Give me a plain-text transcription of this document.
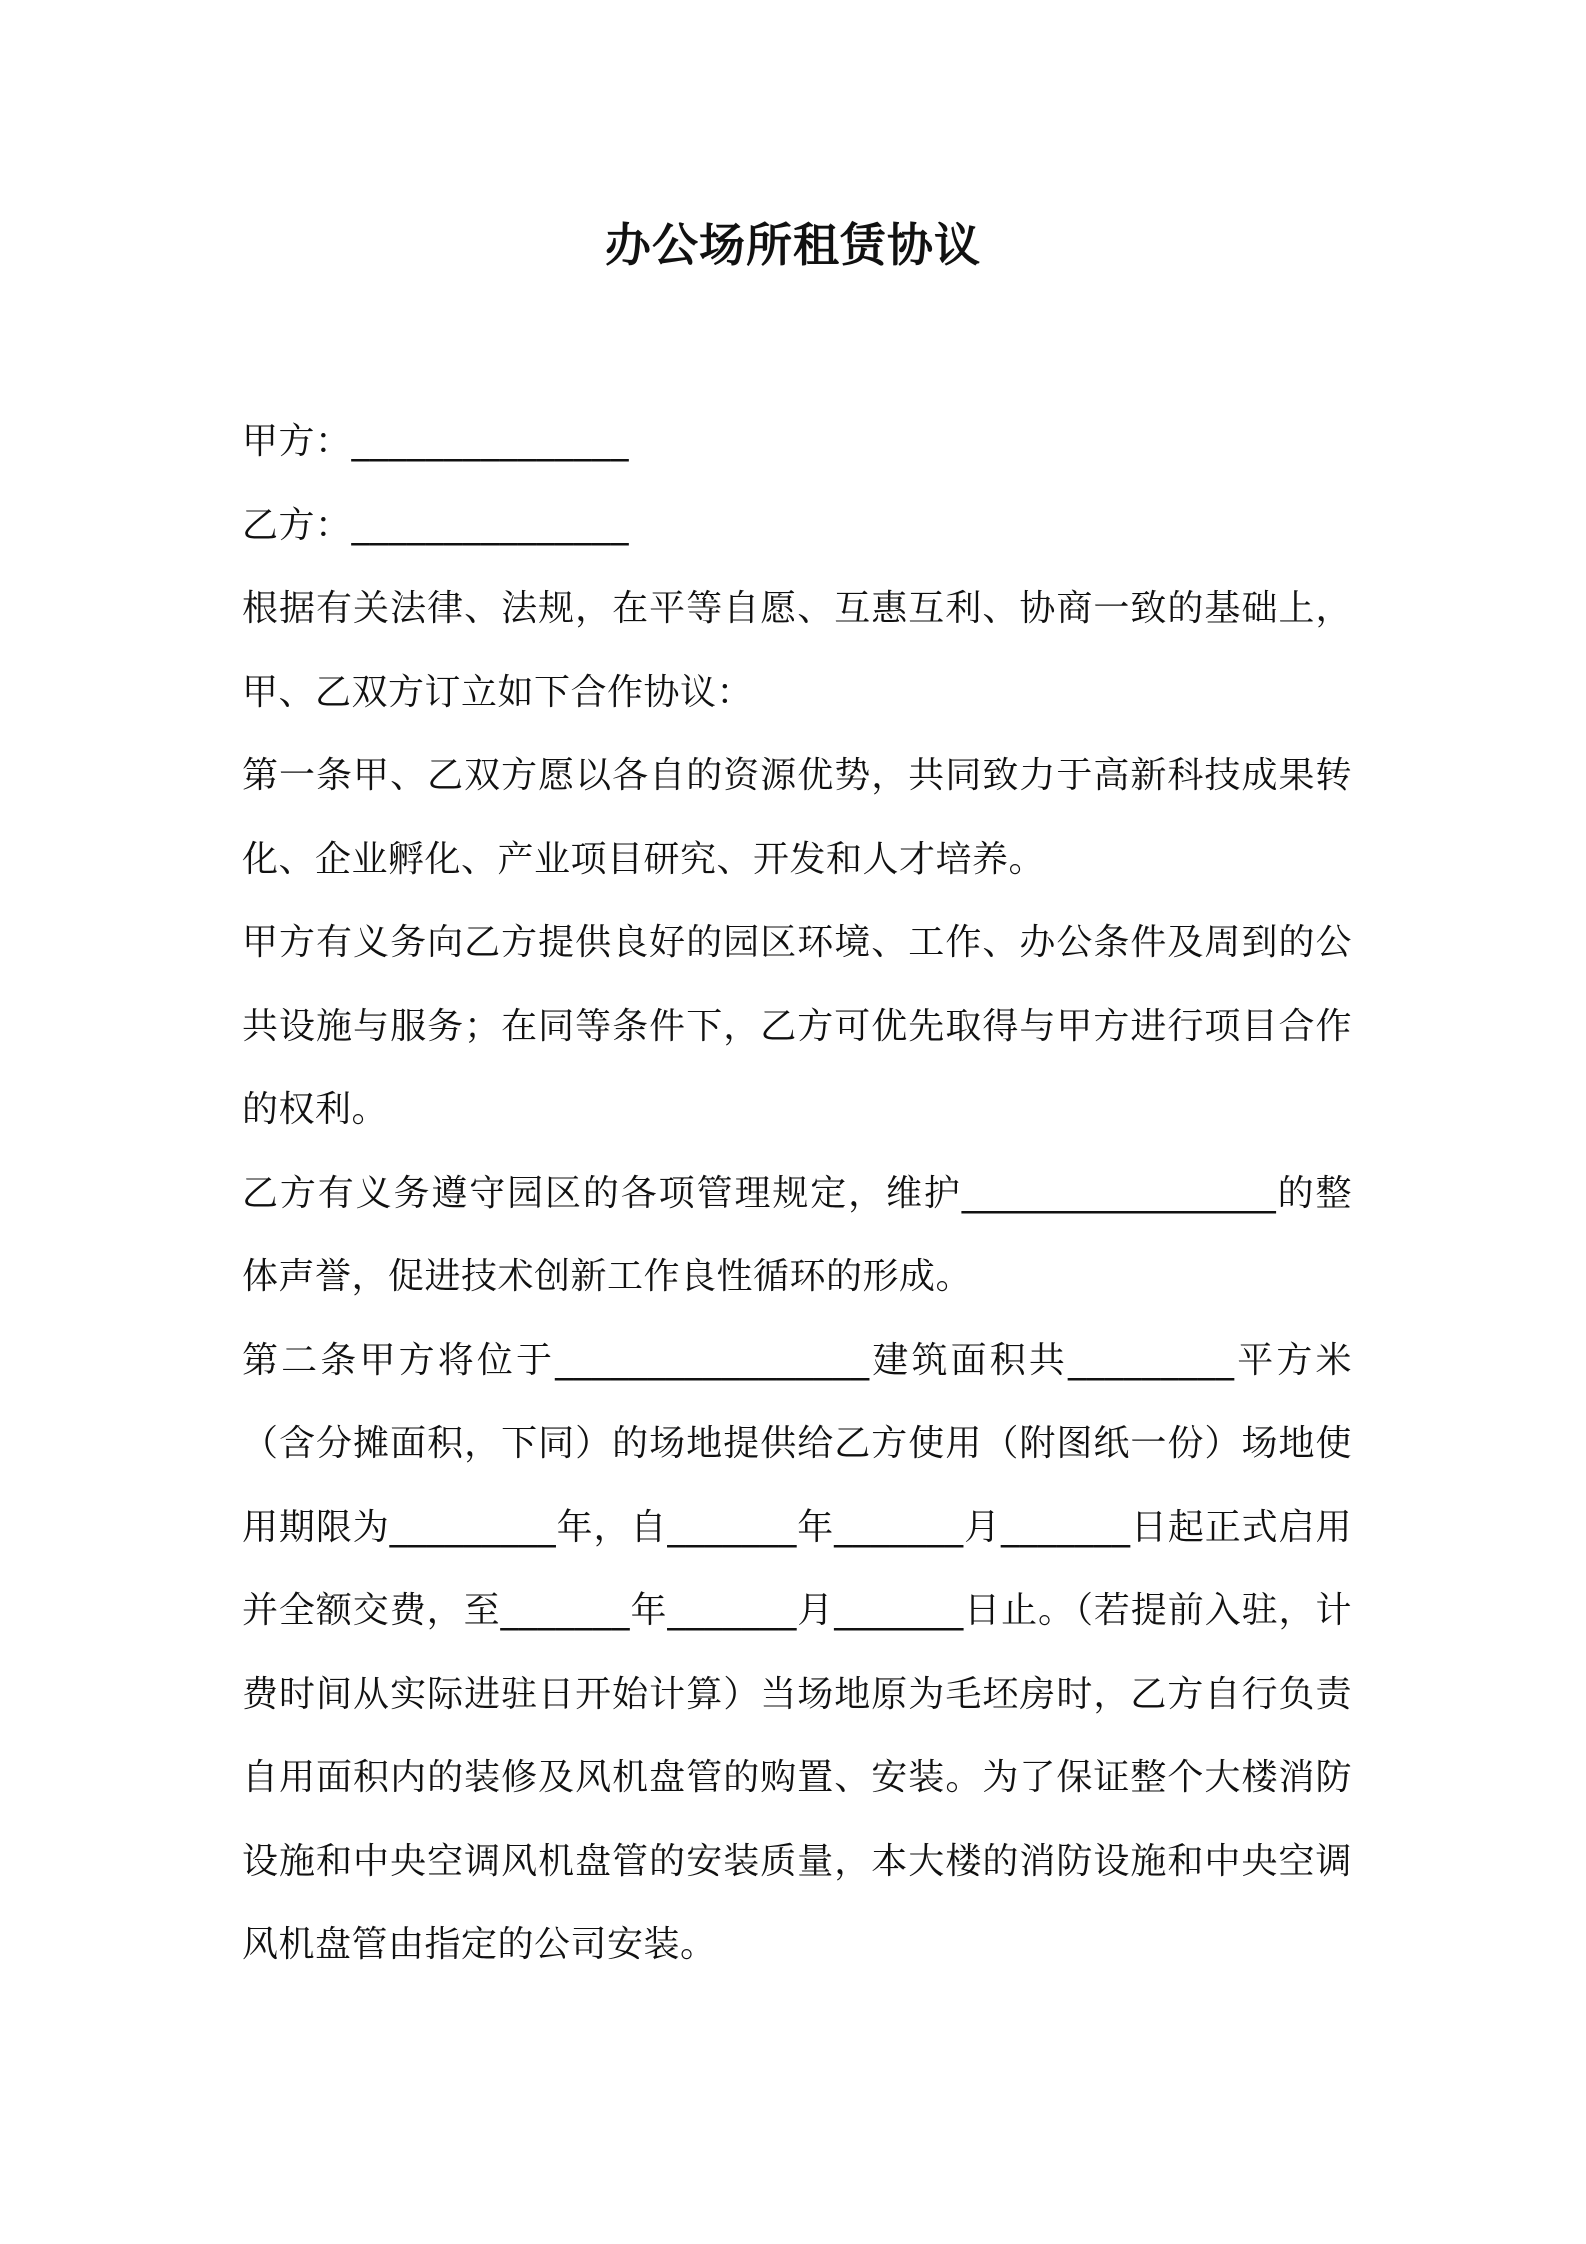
办公场所租赁协议

甲方：_______________

乙方：_______________

根据有关法律、法规，在平等自愿、互惠互利、协商一致的基础上，甲、乙双方订立如下合作协议：

第一条甲、乙双方愿以各自的资源优势，共同致力于高新科技成果转化、企业孵化、产业项目研究、开发和人才培养。

甲方有义务向乙方提供良好的园区环境、工作、办公条件及周到的公共设施与服务；在同等条件下，乙方可优先取得与甲方进行项目合作的权利。

乙方有义务遵守园区的各项管理规定，维护_________________的整体声誉，促进技术创新工作良性循环的形成。

第二条甲方将位于_________________建筑面积共_________平方米（含分摊面积，下同）的场地提供给乙方使用（附图纸一份）场地使用期限为_________年，自_______年_______月_______日起正式启用并全额交费，至_______年_______月_______日止。（若提前入驻，计费时间从实际进驻日开始计算）当场地原为毛坯房时，乙方自行负责自用面积内的装修及风机盘管的购置、安装。为了保证整个大楼消防设施和中央空调风机盘管的安装质量，本大楼的消防设施和中央空调风机盘管由指定的公司安装。
